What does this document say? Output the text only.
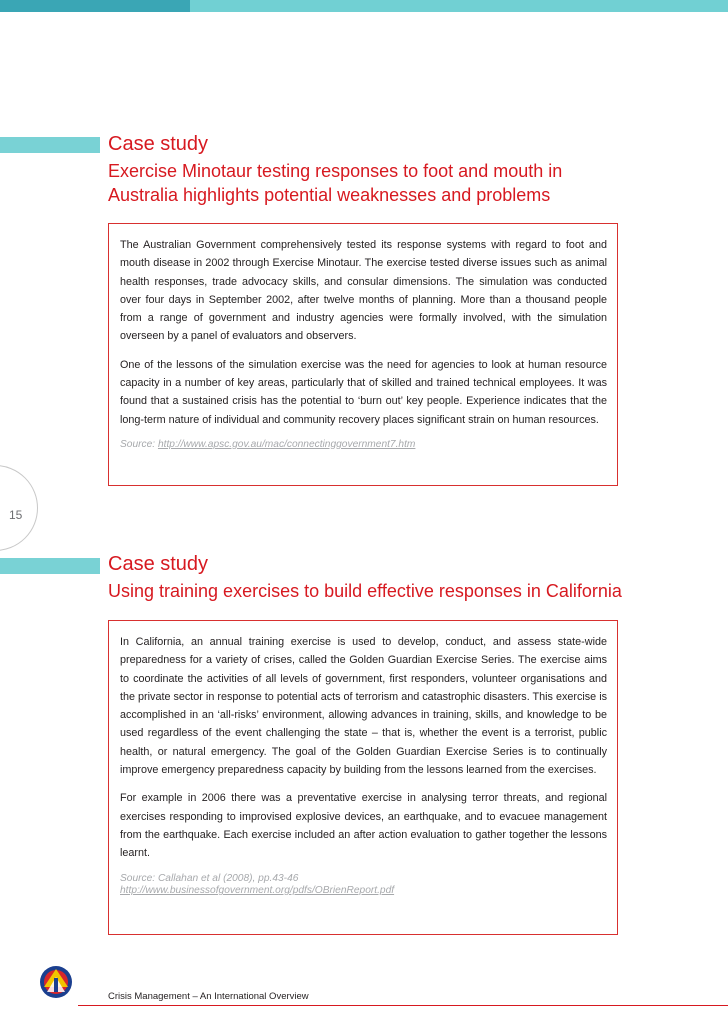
Case study
Exercise Minotaur testing responses to foot and mouth in Australia highlights potential weaknesses and problems

The Australian Government comprehensively tested its response systems with regard to foot and mouth disease in 2002 through Exercise Minotaur. The exercise tested diverse issues such as animal health responses, trade advocacy skills, and consular dimensions. The simulation was conducted over four days in September 2002, after twelve months of planning. More than a thousand people from a range of government and industry agencies were formally involved, with the simulation overseen by a panel of evaluators and observers.

One of the lessons of the simulation exercise was the need for agencies to look at human resource capacity in a number of key areas, particularly that of skilled and trained technical employees. It was found that a sustained crisis has the potential to ‘burn out’ key people. Experience indicates that the long-term nature of individual and community recovery places significant strain on human resources.

Source: http://www.apsc.gov.au/mac/connectinggovernment7.htm
15
Case study
Using training exercises to build effective responses in California

In California, an annual training exercise is used to develop, conduct, and assess state-wide preparedness for a variety of crises, called the Golden Guardian Exercise Series. The exercise aims to coordinate the activities of all levels of government, first responders, volunteer organisations and the private sector in response to potential acts of terrorism and catastrophic disasters. This exercise is accomplished in an ‘all-risks’ environment, allowing advances in training, skills, and knowledge to be used regardless of the event challenging the state – that is, whether the event is a terrorist, public health, or natural emergency. The goal of the Golden Guardian Exercise Series is to continually improve emergency preparedness capacity by building from the lessons learned from the exercises.

For example in 2006 there was a preventative exercise in analysing terror threats, and regional exercises responding to improvised explosive devices, an earthquake, and to evacuee management from the earthquake. Each exercise included an after action evaluation to gather together the lessons learnt.

Source: Callahan et al (2008), pp.43-46
http://www.businessofgovernment.org/pdfs/OBrienReport.pdf
Crisis Management – An International Overview
